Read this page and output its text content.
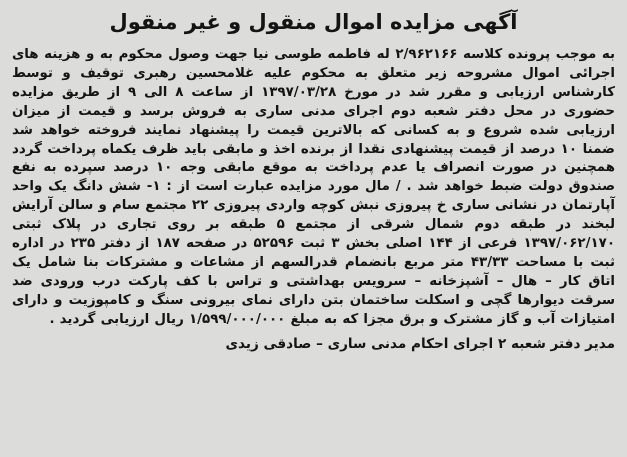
آگهی مزایده اموال منقول و غیر منقول

به موجب پرونده کلاسه ۲/۹۶۲۱۶۶ له فاطمه طوسی نیا جهت وصول محکوم به و هزینه های اجرائی اموال مشروحه زیر متعلق به محکوم علیه غلامحسین رهبری توقیف و توسط کارشناس ارزیابی و مقرر شد در مورخ ۱۳۹۷/۰۳/۲۸ از ساعت ۸ الی ۹ از طریق مزایده حضوری در محل دفتر شعبه دوم اجرای مدنی ساری به فروش برسد و قیمت از میزان ارزیابی شده شروع و به کسانی که بالاترین قیمت را پیشنهاد نمایند فروخته خواهد شد ضمنا ۱۰ درصد از قیمت پیشنهادی نقدا از برنده اخذ و مابقی باید ظرف یکماه پرداخت گردد همچنین در صورت انصراف یا عدم پرداخت به موقع مابقی وجه ۱۰ درصد سپرده به نفع صندوق دولت ضبط خواهد شد . / مال مورد مزایده عبارت است از : ۱- شش دانگ یک واحد آپارتمان در نشانی ساری خ پیروزی نبش کوچه واردی پیروزی ۲۲ مجتمع سام و سالن آرایش لبخند در طبقه دوم شمال شرقی از مجتمع ۵ طبقه بر روی تجاری در پلاک ثبتی ۱۳۹۷/۰۶۲/۱۷۰ فرعی از ۱۴۴ اصلی بخش ۳ ثبت ۵۲۵۹۶ در صفحه ۱۸۷ از دفتر ۲۳۵ در اداره ثبت با مساحت ۴۳/۳۳ متر مربع بانضمام قدرالسهم از مشاعات و مشترکات بنا شامل یک اتاق کار – هال – آشپزخانه – سرویس بهداشتی و تراس با کف پارکت درب ورودی ضد سرقت دیوارها گچی و اسکلت ساختمان بتن دارای نمای بیرونی سنگ و کامپوزیت و دارای امتیازات آب و گاز مشترک و برق مجزا که به مبلغ ۱/۵۹۹/۰۰۰/۰۰۰ ریال ارزیابی گردید .

مدیر دفتر شعبه ۲ اجرای احکام مدنی ساری – صادقی زیدی
